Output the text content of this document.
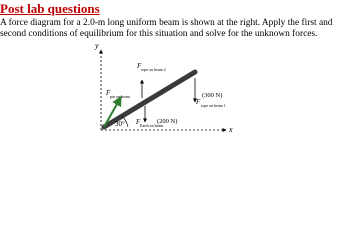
Post lab questions

A force diagram for a 2.0-m long uniform beam is shown at the right. Apply the first and second conditions of equilibrium for this situation and solve for the unknown forces.

y
x
30°
F pin on beam
F rope on beam 2
(300 N)
F rope on beam 1
(200 N)
F Earth on beam
